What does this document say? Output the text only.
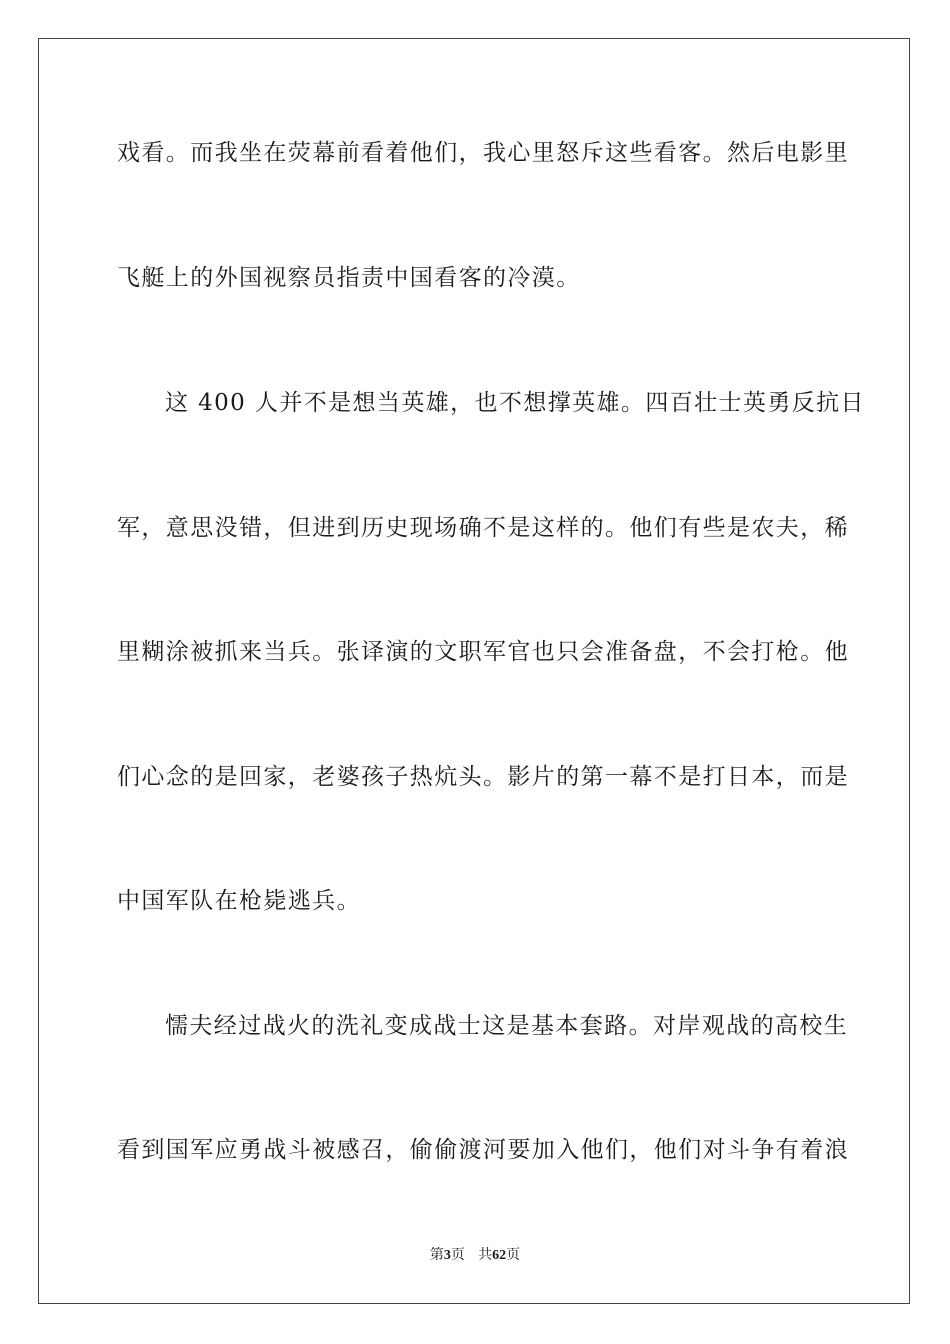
戏看。而我坐在荧幕前看着他们，我心里怒斥这些看客。然后电影里
飞艇上的外国视察员指责中国看客的冷漠。
这 400 人并不是想当英雄，也不想撑英雄。四百壮士英勇反抗日
军，意思没错，但进到历史现场确不是这样的。他们有些是农夫，稀
里糊涂被抓来当兵。张译演的文职军官也只会准备盘，不会打枪。他
们心念的是回家，老婆孩子热炕头。影片的第一幕不是打日本，而是
中国军队在枪毙逃兵。
懦夫经过战火的洗礼变成战士这是基本套路。对岸观战的高校生
看到国军应勇战斗被感召，偷偷渡河要加入他们，他们对斗争有着浪
第3页 共62页
